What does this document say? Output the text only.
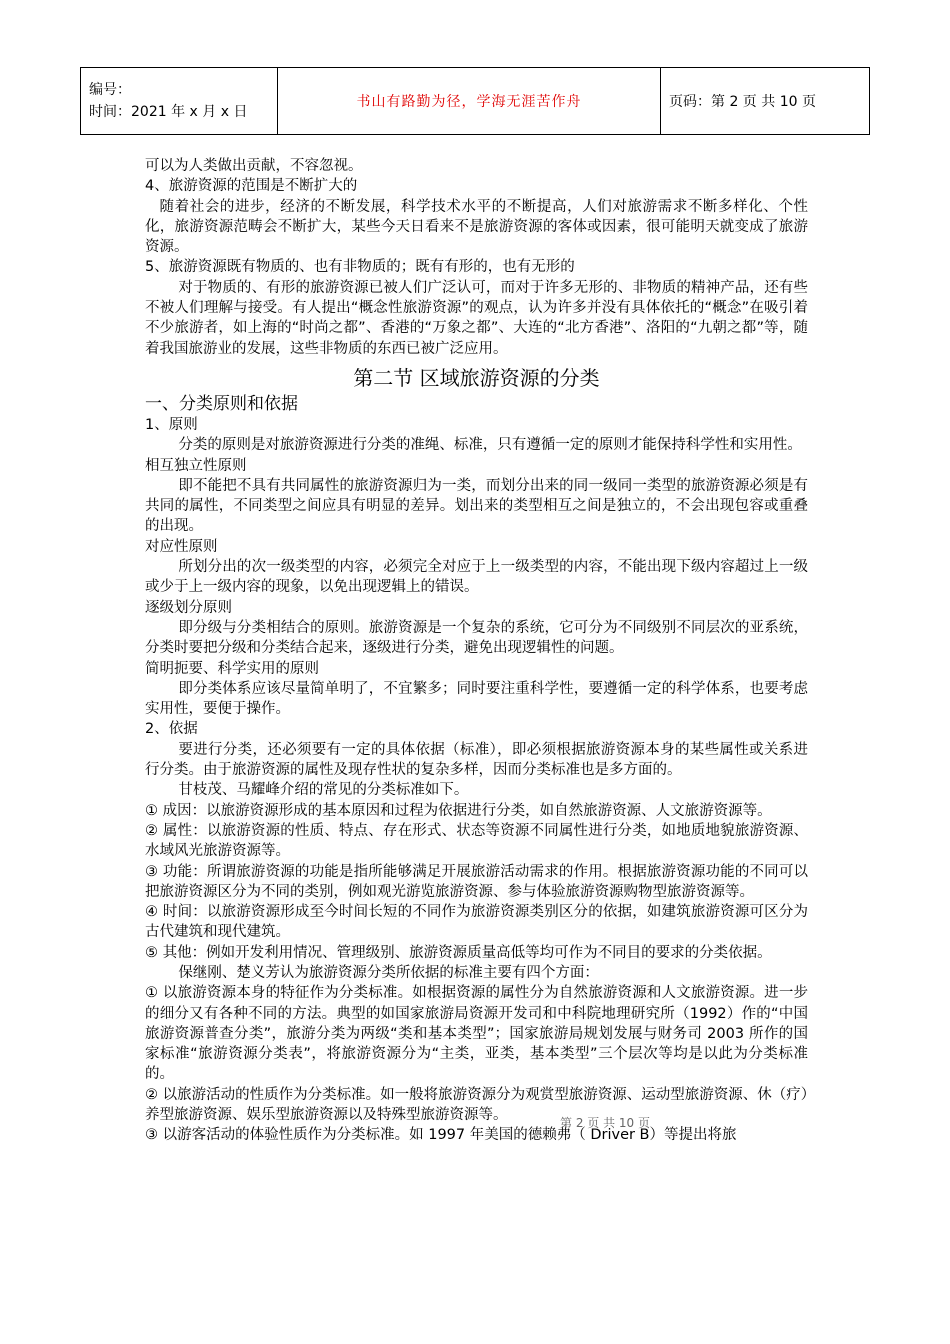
编号：
时间：2021 年 x 月 x 日
	书山有路勤为径，学海无涯苦作舟	页码：第 2 页 共 10 页

可以为人类做出贡献，不容忽视。

4、旅游资源的范围是不断扩大的

随着社会的进步，经济的不断发展，科学技术水平的不断提高，人们对旅游需求不断多样化、个性化，旅游资源范畴会不断扩大，某些今天日看来不是旅游资源的客体或因素，很可能明天就变成了旅游资源。

5、旅游资源既有物质的、也有非物质的；既有有形的，也有无形的

对于物质的、有形的旅游资源已被人们广泛认可，而对于许多无形的、非物质的精神产品，还有些不被人们理解与接受。有人提出“概念性旅游资源”的观点，认为许多并没有具体依托的“概念”在吸引着不少旅游者，如上海的“时尚之都”、香港的“万象之都”、大连的“北方香港”、洛阳的“九朝之都”等，随着我国旅游业的发展，这些非物质的东西已被广泛应用。

第二节 区域旅游资源的分类

一、分类原则和依据

1、原则

分类的原则是对旅游资源进行分类的准绳、标准，只有遵循一定的原则才能保持科学性和实用性。

相互独立性原则

即不能把不具有共同属性的旅游资源归为一类，而划分出来的同一级同一类型的旅游资源必须是有共同的属性，不同类型之间应具有明显的差异。划出来的类型相互之间是独立的，不会出现包容或重叠的出现。

对应性原则

所划分出的次一级类型的内容，必须完全对应于上一级类型的内容，不能出现下级内容超过上一级或少于上一级内容的现象，以免出现逻辑上的错误。

逐级划分原则

即分级与分类相结合的原则。旅游资源是一个复杂的系统，它可分为不同级别不同层次的亚系统，分类时要把分级和分类结合起来，逐级进行分类，避免出现逻辑性的问题。

简明扼要、科学实用的原则

即分类体系应该尽量简单明了，不宜繁多；同时要注重科学性，要遵循一定的科学体系，也要考虑实用性，要便于操作。

2、依据

要进行分类，还必须要有一定的具体依据（标准），即必须根据旅游资源本身的某些属性或关系进行分类。由于旅游资源的属性及现存性状的复杂多样，因而分类标准也是多方面的。

甘枝茂、马耀峰介绍的常见的分类标准如下。

① 成因：以旅游资源形成的基本原因和过程为依据进行分类，如自然旅游资源、人文旅游资源等。

② 属性：以旅游资源的性质、特点、存在形式、状态等资源不同属性进行分类，如地质地貌旅游资源、水域风光旅游资源等。

③ 功能：所谓旅游资源的功能是指所能够满足开展旅游活动需求的作用。根据旅游资源功能的不同可以把旅游资源区分为不同的类别，例如观光游览旅游资源、参与体验旅游资源购物型旅游资源等。

④ 时间：以旅游资源形成至今时间长短的不同作为旅游资源类别区分的依据，如建筑旅游资源可区分为古代建筑和现代建筑。

⑤ 其他：例如开发利用情况、管理级别、旅游资源质量高低等均可作为不同目的要求的分类依据。

保继刚、楚义芳认为旅游资源分类所依据的标准主要有四个方面：

① 以旅游资源本身的特征作为分类标准。如根据资源的属性分为自然旅游资源和人文旅游资源。进一步的细分又有各种不同的方法。典型的如国家旅游局资源开发司和中科院地理研究所（1992）作的“中国旅游资源普查分类”，旅游分类为两级“类和基本类型”；国家旅游局规划发展与财务司 2003 所作的国家标准“旅游资源分类表”，将旅游资源分为“主类，亚类，基本类型”三个层次等均是以此为分类标准的。

② 以旅游活动的性质作为分类标准。如一般将旅游资源分为观赏型旅游资源、运动型旅游资源、休（疗）养型旅游资源、娱乐型旅游资源以及特殊型旅游资源等。

③ 以游客活动的体验性质作为分类标准。如 1997 年美国的德赖弗（ Driver B）等提出将旅

第 2 页 共 10 页
